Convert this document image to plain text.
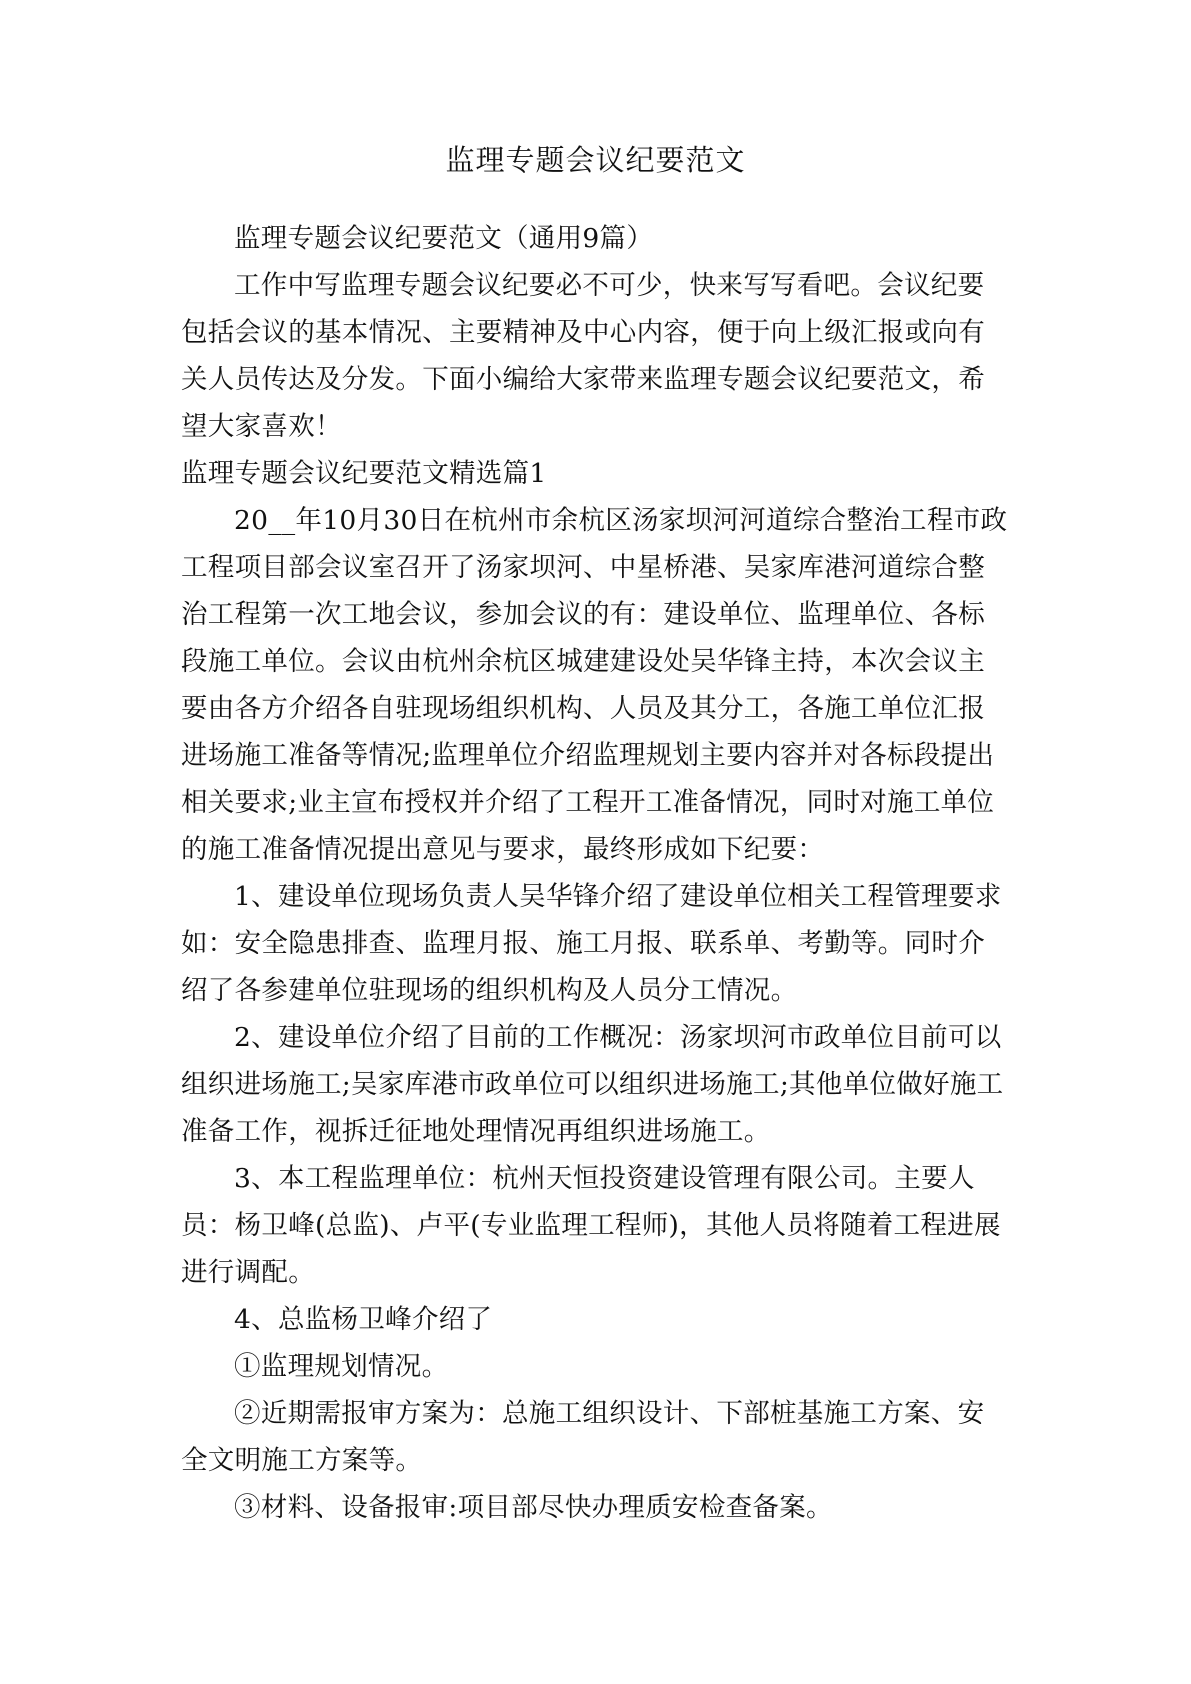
监理专题会议纪要范文

监理专题会议纪要范文（通用9篇）

工作中写监理专题会议纪要必不可少，快来写写看吧。会议纪要包括会议的基本情况、主要精神及中心内容，便于向上级汇报或向有关人员传达及分发。下面小编给大家带来监理专题会议纪要范文，希望大家喜欢！

监理专题会议纪要范文精选篇1

20__年10月30日在杭州市余杭区汤家坝河河道综合整治工程市政工程项目部会议室召开了汤家坝河、中星桥港、吴家库港河道综合整治工程第一次工地会议，参加会议的有：建设单位、监理单位、各标段施工单位。会议由杭州余杭区城建建设处吴华锋主持，本次会议主要由各方介绍各自驻现场组织机构、人员及其分工，各施工单位汇报进场施工准备等情况;监理单位介绍监理规划主要内容并对各标段提出相关要求;业主宣布授权并介绍了工程开工准备情况，同时对施工单位的施工准备情况提出意见与要求，最终形成如下纪要：

1、建设单位现场负责人吴华锋介绍了建设单位相关工程管理要求如：安全隐患排查、监理月报、施工月报、联系单、考勤等。同时介绍了各参建单位驻现场的组织机构及人员分工情况。

2、建设单位介绍了目前的工作概况：汤家坝河市政单位目前可以组织进场施工;吴家库港市政单位可以组织进场施工;其他单位做好施工准备工作，视拆迁征地处理情况再组织进场施工。

3、本工程监理单位：杭州天恒投资建设管理有限公司。主要人员：杨卫峰(总监)、卢平(专业监理工程师)，其他人员将随着工程进展进行调配。

4、总监杨卫峰介绍了

①监理规划情况。

②近期需报审方案为：总施工组织设计、下部桩基施工方案、安全文明施工方案等。

③材料、设备报审:项目部尽快办理质安检查备案。
